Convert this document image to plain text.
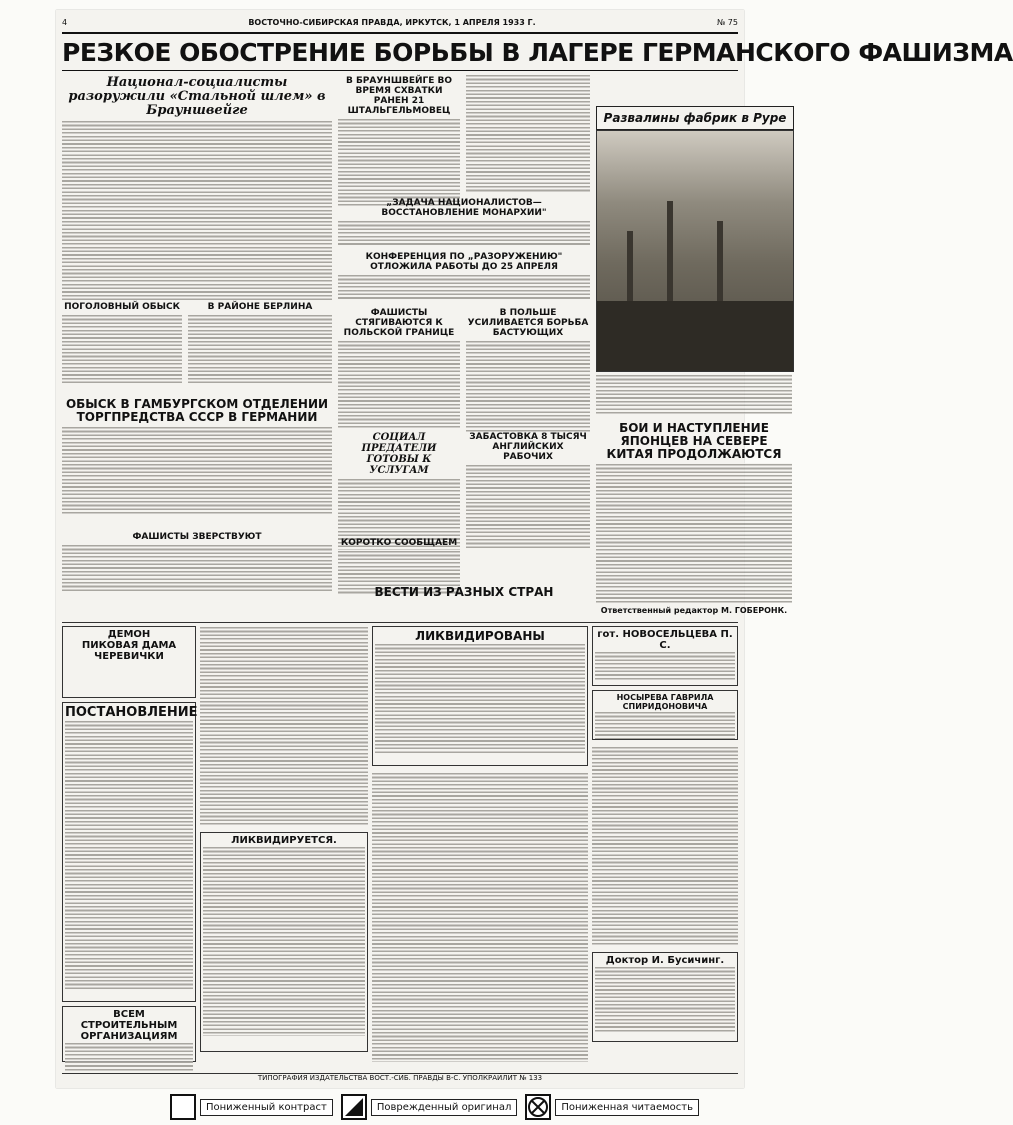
4	ВОСТОЧНО-СИБИРСКАЯ ПРАВДА, ИРКУТСК, 1 АПРЕЛЯ 1933 Г.	№ 75
РЕЗКОЕ ОБОСТРЕНИЕ БОРЬБЫ В ЛАГЕРЕ ГЕРМАНСКОГО ФАШИЗМА
Национал-социалисты разоружили «Стальной шлем» в Брауншвейге
В БРАУНШВЕЙГЕ ВО ВРЕМЯ СХВАТКИ РАНЕН 21 ШТАЛЬГЕЛЬМОВЕЦ
„ЗАДАЧА НАЦИОНАЛИСТОВ— ВОССТАНОВЛЕНИЕ МОНАРХИИ"
КОНФЕРЕНЦИЯ ПО „РАЗОРУЖЕНИЮ" ОТЛОЖИЛА РАБОТЫ ДО 25 АПРЕЛЯ
Развалины фабрик в Руре
ПОГОЛОВНЫЙ ОБЫСК	В РАЙОНЕ БЕРЛИНА
ОБЫСК В ГАМБУРГСКОМ ОТДЕЛЕНИИ ТОРГПРЕДСТВА СССР В ГЕРМАНИИ
ФАШИСТЫ ЗВЕРСТВУЮТ
ФАШИСТЫ СТЯГИВАЮТСЯ К ПОЛЬСКОЙ ГРАНИЦЕ
СОЦИАЛ ПРЕДАТЕЛИ ГОТОВЫ К УСЛУГАМ
КОРОТКО СООБЩАЕМ
В ПОЛЬШЕ УСИЛИВАЕТСЯ БОРЬБА БАСТУЮЩИХ
ЗАБАСТОВКА 8 ТЫСЯЧ АНГЛИЙСКИХ РАБОЧИХ
ВЕСТИ ИЗ РАЗНЫХ СТРАН
БОИ И НАСТУПЛЕНИЕ ЯПОНЦЕВ НА СЕВЕРЕ КИТАЯ ПРОДОЛЖАЮТСЯ
Ответственный редактор М. ГОБЕРОНК.
ДЕМОН
ПИКОВАЯ ДАМА
ЧЕРЕВИЧКИ
ПОСТАНОВЛЕНИЕ
ВСЕМ СТРОИТЕЛЬНЫМ ОРГАНИЗАЦИЯМ
ЛИКВИДИРУЕТСЯ.
ЛИКВИДИРОВАНЫ	гот. НОВОСЕЛЬЦЕВА П. С.
НОСЫРЕВА ГАВРИЛА СПИРИДОНОВИЧА
Доктор И. Бусичинг.
ТИПОГРАФИЯ ИЗДАТЕЛЬСТВА ВОСТ.-СИБ. ПРАВДЫ В-С. УПОЛКРАЙЛИТ № 133
Пониженный контраст	Поврежденный оригинал	Пониженная читаемость
